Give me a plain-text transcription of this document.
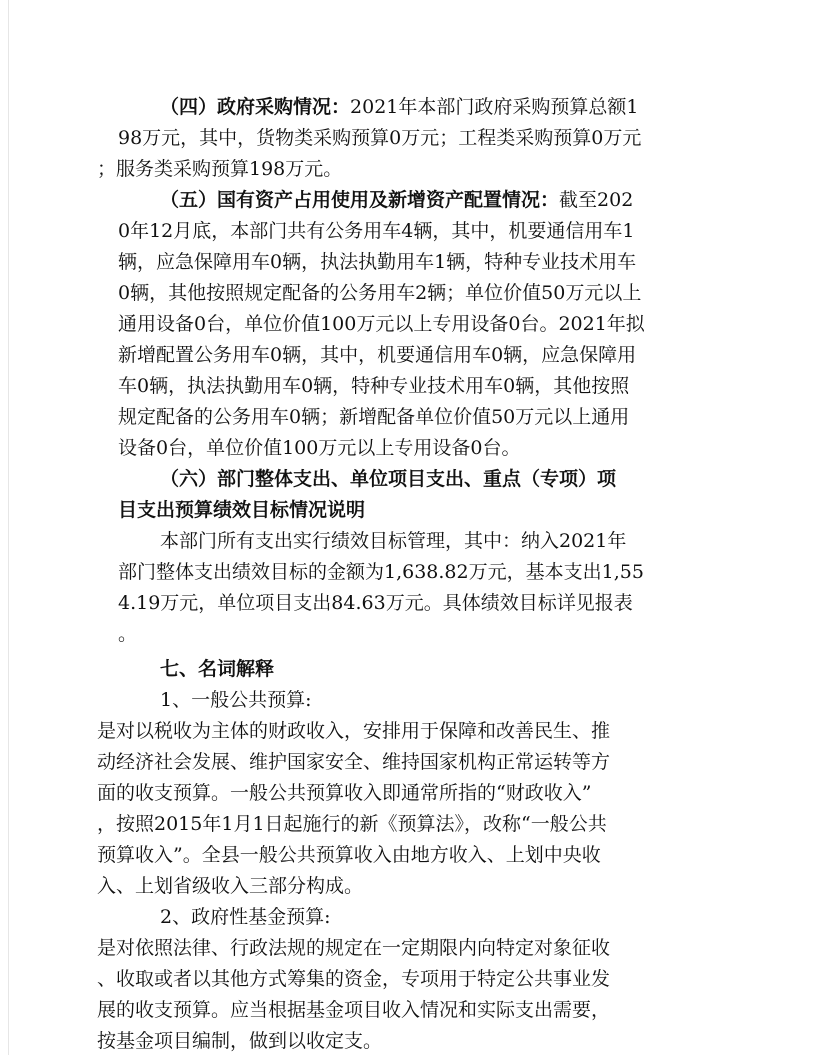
（四）政府采购情况：2021年本部门政府采购预算总额1
98万元，其中，货物类采购预算0万元；工程类采购预算0万元
；服务类采购预算198万元。
（五）国有资产占用使用及新增资产配置情况：截至202
0年12月底，本部门共有公务用车4辆，其中，机要通信用车1
辆，应急保障用车0辆，执法执勤用车1辆，特种专业技术用车
0辆，其他按照规定配备的公务用车2辆；单位价值50万元以上
通用设备0台，单位价值100万元以上专用设备0台。2021年拟
新增配置公务用车0辆，其中，机要通信用车0辆，应急保障用
车0辆，执法执勤用车0辆，特种专业技术用车0辆，其他按照
规定配备的公务用车0辆；新增配备单位价值50万元以上通用
设备0台，单位价值100万元以上专用设备0台。
（六）部门整体支出、单位项目支出、重点（专项）项
目支出预算绩效目标情况说明
本部门所有支出实行绩效目标管理，其中：纳入2021年
部门整体支出绩效目标的金额为1,638.82万元，基本支出1,55
4.19万元，单位项目支出84.63万元。具体绩效目标详见报表
。
七、名词解释
1、一般公共预算:
是对以税收为主体的财政收入，安排用于保障和改善民生、推
动经济社会发展、维护国家安全、维持国家机构正常运转等方
面的收支预算。一般公共预算收入即通常所指的“财政收入”
，按照2015年1月1日起施行的新《预算法》，改称“一般公共
预算收入”。全县一般公共预算收入由地方收入、上划中央收
入、上划省级收入三部分构成。
2、政府性基金预算:
是对依照法律、行政法规的规定在一定期限内向特定对象征收
、收取或者以其他方式筹集的资金，专项用于特定公共事业发
展的收支预算。应当根据基金项目收入情况和实际支出需要，
按基金项目编制，做到以收定支。
